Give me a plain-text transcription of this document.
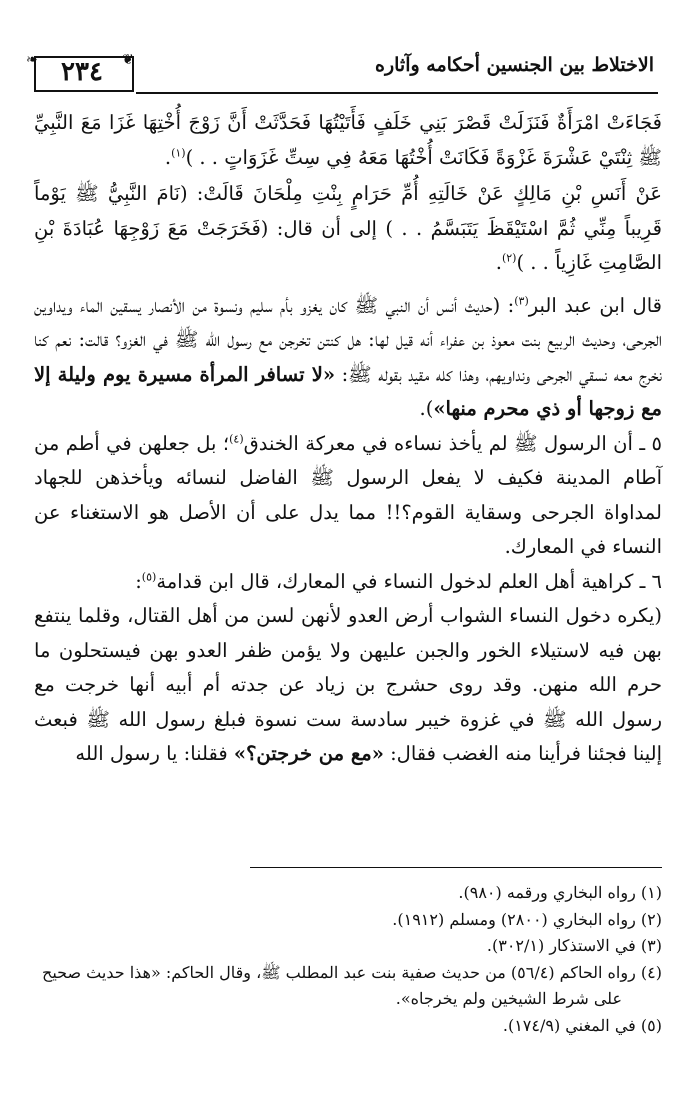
❧ ٢٣٤	❦	الاختلاط بين الجنسين أحكامه وآثاره

فَجَاءَتْ امْرَأَةٌ فَنَزَلَتْ قَصْرَ بَنِي خَلَفٍ فَأَتَيْتُهَا فَحَدَّثَتْ أَنَّ زَوْجَ أُخْتِهَا غَزَا مَعَ النَّبِيِّ ﷺ ثِنْتَيْ عَشْرَةَ غَزْوَةً فَكَانَتْ أُخْتُهَا مَعَهُ فِي سِتِّ غَزَوَاتٍ . . )$^{(١)}$.

عَنْ أَنَسِ بْنِ مَالِكٍ عَنْ خَالَتِهِ أُمِّ حَرَامٍ بِنْتِ مِلْحَانَ قَالَتْ: (نَامَ النَّبِيُّ ﷺ يَوْماً قَرِيباً مِنِّي ثُمَّ اسْتَيْقَظَ يَتَبَسَّمُ . . ) إلى أن قال: (فَخَرَجَتْ مَعَ زَوْجِهَا عُبَادَةَ بْنِ الصَّامِتِ غَازِياً . . )$^{(٢)}$.

قال ابن عبد البر$^{(٣)}$: (حديث أنس أن النبي ﷺ كان يغزو بأم سليم ونسوة من الأنصار يسقين الماء ويداوين الجرحى، وحديث الربيع بنت معوذ بن عفراء أنه قيل لها: هل كنتن تخرجن مع رسول الله ﷺ في الغزو؟ قالت: نعم كنا نخرج معه نسقي الجرحى ونداويهم، وهذا كله مقيد بقوله ﷺ: «لا تسافر المرأة مسيرة يوم وليلة إلا مع زوجها أو ذي محرم منها»).

٥ ـ أن الرسول ﷺ لم يأخذ نساءه في معركة الخندق$^{(٤)}$؛ بل جعلهن في أطم من آطام المدينة فكيف لا يفعل الرسول ﷺ الفاضل لنسائه ويأخذهن للجهاد لمداواة الجرحى وسقاية القوم؟!! مما يدل على أن الأصل هو الاستغناء عن النساء في المعارك.

٦ ـ كراهية أهل العلم لدخول النساء في المعارك، قال ابن قدامة$^{(٥)}$:

(يكره دخول النساء الشواب أرض العدو لأنهن لسن من أهل القتال، وقلما ينتفع بهن فيه لاستيلاء الخور والجبن عليهن ولا يؤمن ظفر العدو بهن فيستحلون ما حرم الله منهن. وقد روى حشرج بن زياد عن جدته أم أبيه أنها خرجت مع رسول الله ﷺ في غزوة خيبر سادسة ست نسوة فبلغ رسول الله ﷺ فبعث إلينا فجئنا فرأينا منه الغضب فقال: «مع من خرجتن؟» فقلنا: يا رسول الله

(١) رواه البخاري ورقمه (٩٨٠).

(٢) رواه البخاري (٢٨٠٠) ومسلم (١٩١٢).

(٣) في الاستذكار (٣٠٢/١).

(٤) رواه الحاكم (٥٦/٤) من حديث صفية بنت عبد المطلب ﷺ، وقال الحاكم: «هذا حديث صحيح على شرط الشيخين ولم يخرجاه».

(٥) في المغني (١٧٤/٩).
